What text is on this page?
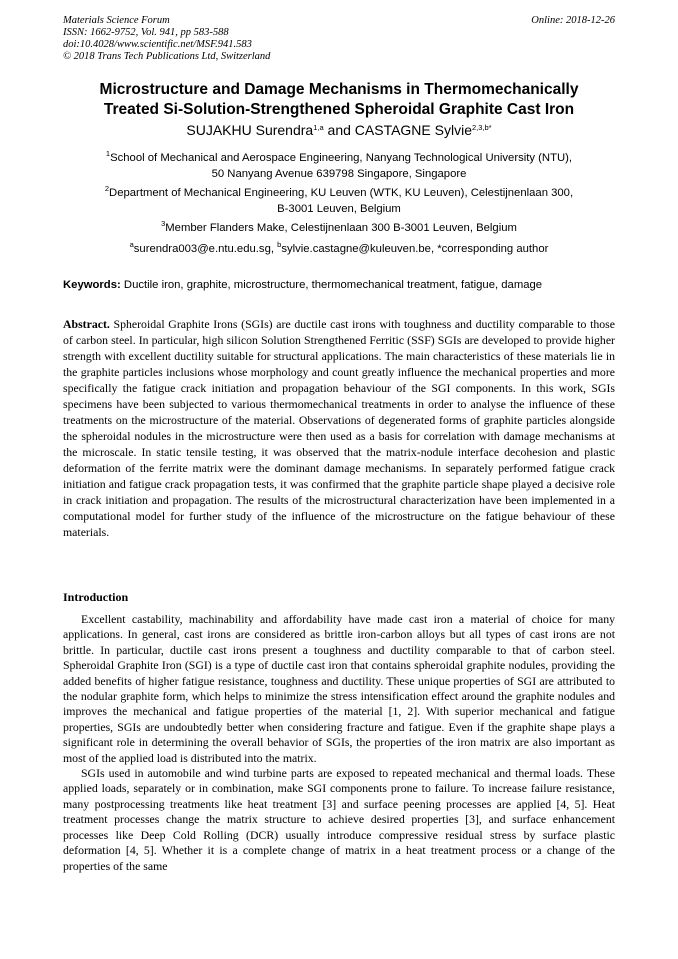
Materials Science Forum
ISSN: 1662-9752, Vol. 941, pp 583-588
doi:10.4028/www.scientific.net/MSF.941.583
© 2018 Trans Tech Publications Ltd, Switzerland
Online: 2018-12-26
Microstructure and Damage Mechanisms in Thermomechanically
Treated Si-Solution-Strengthened Spheroidal Graphite Cast Iron
SUJAKHU Surendra$^{1,a}$ and CASTAGNE Sylvie$^{2,3,b*}$
$^1$School of Mechanical and Aerospace Engineering, Nanyang Technological University (NTU),
50 Nanyang Avenue 639798 Singapore, Singapore
$^2$Department of Mechanical Engineering, KU Leuven (WTK, KU Leuven), Celestijnenlaan 300,
B-3001 Leuven, Belgium
$^3$Member Flanders Make, Celestijnenlaan 300 B-3001 Leuven, Belgium
$^a$surendra003@e.ntu.edu.sg, $^b$sylvie.castagne@kuleuven.be, *corresponding author
Keywords: Ductile iron, graphite, microstructure, thermomechanical treatment, fatigue, damage
Abstract. Spheroidal Graphite Irons (SGIs) are ductile cast irons with toughness and ductility comparable to those of carbon steel. In particular, high silicon Solution Strengthened Ferritic (SSF) SGIs are developed to provide higher strength with excellent ductility suitable for structural applications. The main characteristics of these materials lie in the graphite particles inclusions whose morphology and count greatly influence the mechanical properties and more specifically the fatigue crack initiation and propagation behaviour of the SGI components. In this work, SGIs specimens have been subjected to various thermomechanical treatments in order to analyse the influence of these treatments on the microstructure of the material. Observations of degenerated forms of graphite particles alongside the spheroidal nodules in the microstructure were then used as a basis for correlation with damage mechanisms at the microscale. In static tensile testing, it was observed that the matrix-nodule interface decohesion and plastic deformation of the ferrite matrix were the dominant damage mechanisms. In separately performed fatigue crack initiation and fatigue crack propagation tests, it was confirmed that the graphite particle shape played a decisive role in crack initiation and propagation. The results of the microstructural characterization have been implemented in a computational model for further study of the influence of the microstructure on the fatigue behaviour of these materials.
Introduction

Excellent castability, machinability and affordability have made cast iron a material of choice for many applications. In general, cast irons are considered as brittle iron-carbon alloys but all types of cast irons are not brittle. In particular, ductile cast irons present a toughness and ductility comparable to that of carbon steel. Spheroidal Graphite Iron (SGI) is a type of ductile cast iron that contains spheroidal graphite nodules, providing the added benefits of higher fatigue resistance, toughness and ductility. These unique properties of SGI are attributed to the nodular graphite form, which helps to minimize the stress intensification effect around the graphite nodules and improves the mechanical and fatigue properties of the material [1, 2]. With superior mechanical and fatigue properties, SGIs are undoubtedly better when considering fracture and fatigue. Even if the graphite shape plays a significant role in determining the overall behavior of SGIs, the properties of the iron matrix are also important as most of the applied load is distributed into the matrix.

SGIs used in automobile and wind turbine parts are exposed to repeated mechanical and thermal loads. These applied loads, separately or in combination, make SGI components prone to failure. To increase failure resistance, many postprocessing treatments like heat treatment [3] and surface peening processes are applied [4, 5]. Heat treatment processes change the matrix structure to achieve desired properties [3], and surface enhancement processes like Deep Cold Rolling (DCR) usually introduce compressive residual stress by surface plastic deformation [4, 5]. Whether it is a complete change of matrix in a heat treatment process or a change of the properties of the same
